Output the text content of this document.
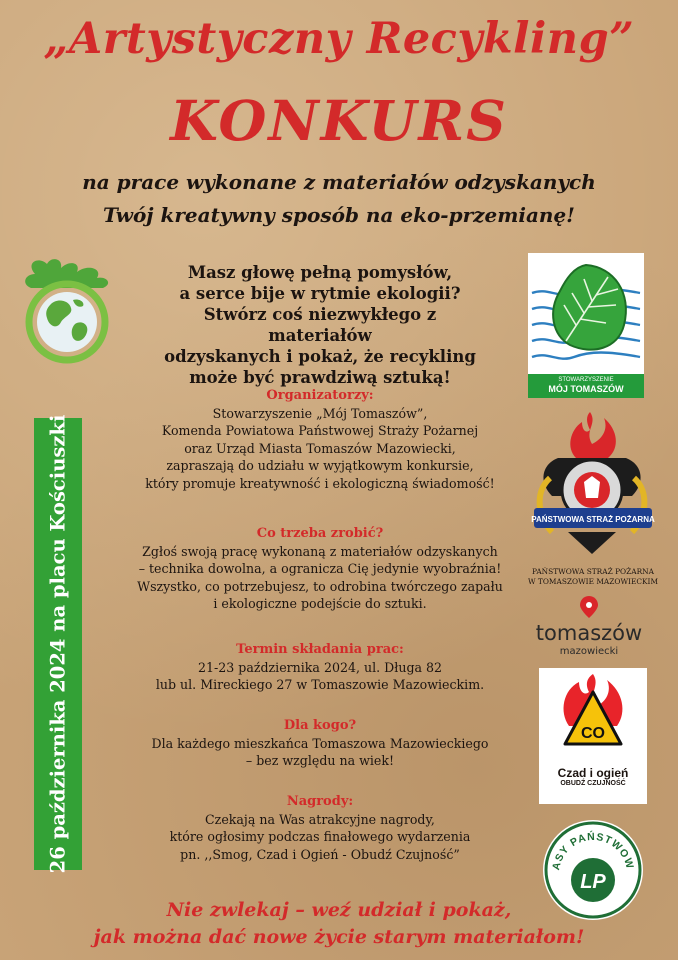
„Artystyczny Recykling”
KONKURS
na prace wykonane z materiałów odzyskanych
Twój kreatywny sposób na eko-przemianę!
Masz głowę pełną pomysłów,
a serce bije w rytmie ekologii?
Stwórz coś niezwykłego z materiałów
odzyskanych i pokaż, że recykling
może być prawdziwą sztuką!
Organizatorzy:

Stowarzyszenie „Mój Tomaszów”,

Komenda Powiatowa Państwowej Straży Pożarnej

oraz Urząd Miasta Tomaszów Mazowiecki,

zapraszają do udziału w wyjątkowym konkursie,

który promuje kreatywność i ekologiczną świadomość!

Co trzeba zrobić?

Zgłoś swoją pracę wykonaną z materiałów odzyskanych

– technika dowolna, a ogranicza Cię jedynie wyobraźnia!

Wszystko, co potrzebujesz, to odrobina twórczego zapału

i ekologiczne podejście do sztuki.

Termin składania prac:

21-23 października 2024, ul. Długa 82

lub ul. Mireckiego 27 w Tomaszowie Mazowieckim.

Dla kogo?

Dla każdego mieszkańca Tomaszowa Mazowieckiego

– bez względu na wiek!

Nagrody:

Czekają na Was atrakcyjne nagrody,

które ogłosimy podczas finałowego wydarzenia

pn. ,,Smog, Czad i Ogień - Obudź Czujność”

26 października 2024 na placu Kościuszki
Nie zwlekaj – weź udział i pokaż,
jak można dać nowe życie starym materiałom!
STOWARZYSZENIE
MÓJ TOMASZÓW
PAŃSTWOWA STRAŻ POŻARNA
PAŃSTWOWA STRAŻ POŻARNA
W TOMASZOWIE MAZOWIECKIM
tomaszów
mazowiecki
CO
Czad i ogień
OBUDŹ CZUJNOŚĆ
ASY PAŃSTWOW
LP
